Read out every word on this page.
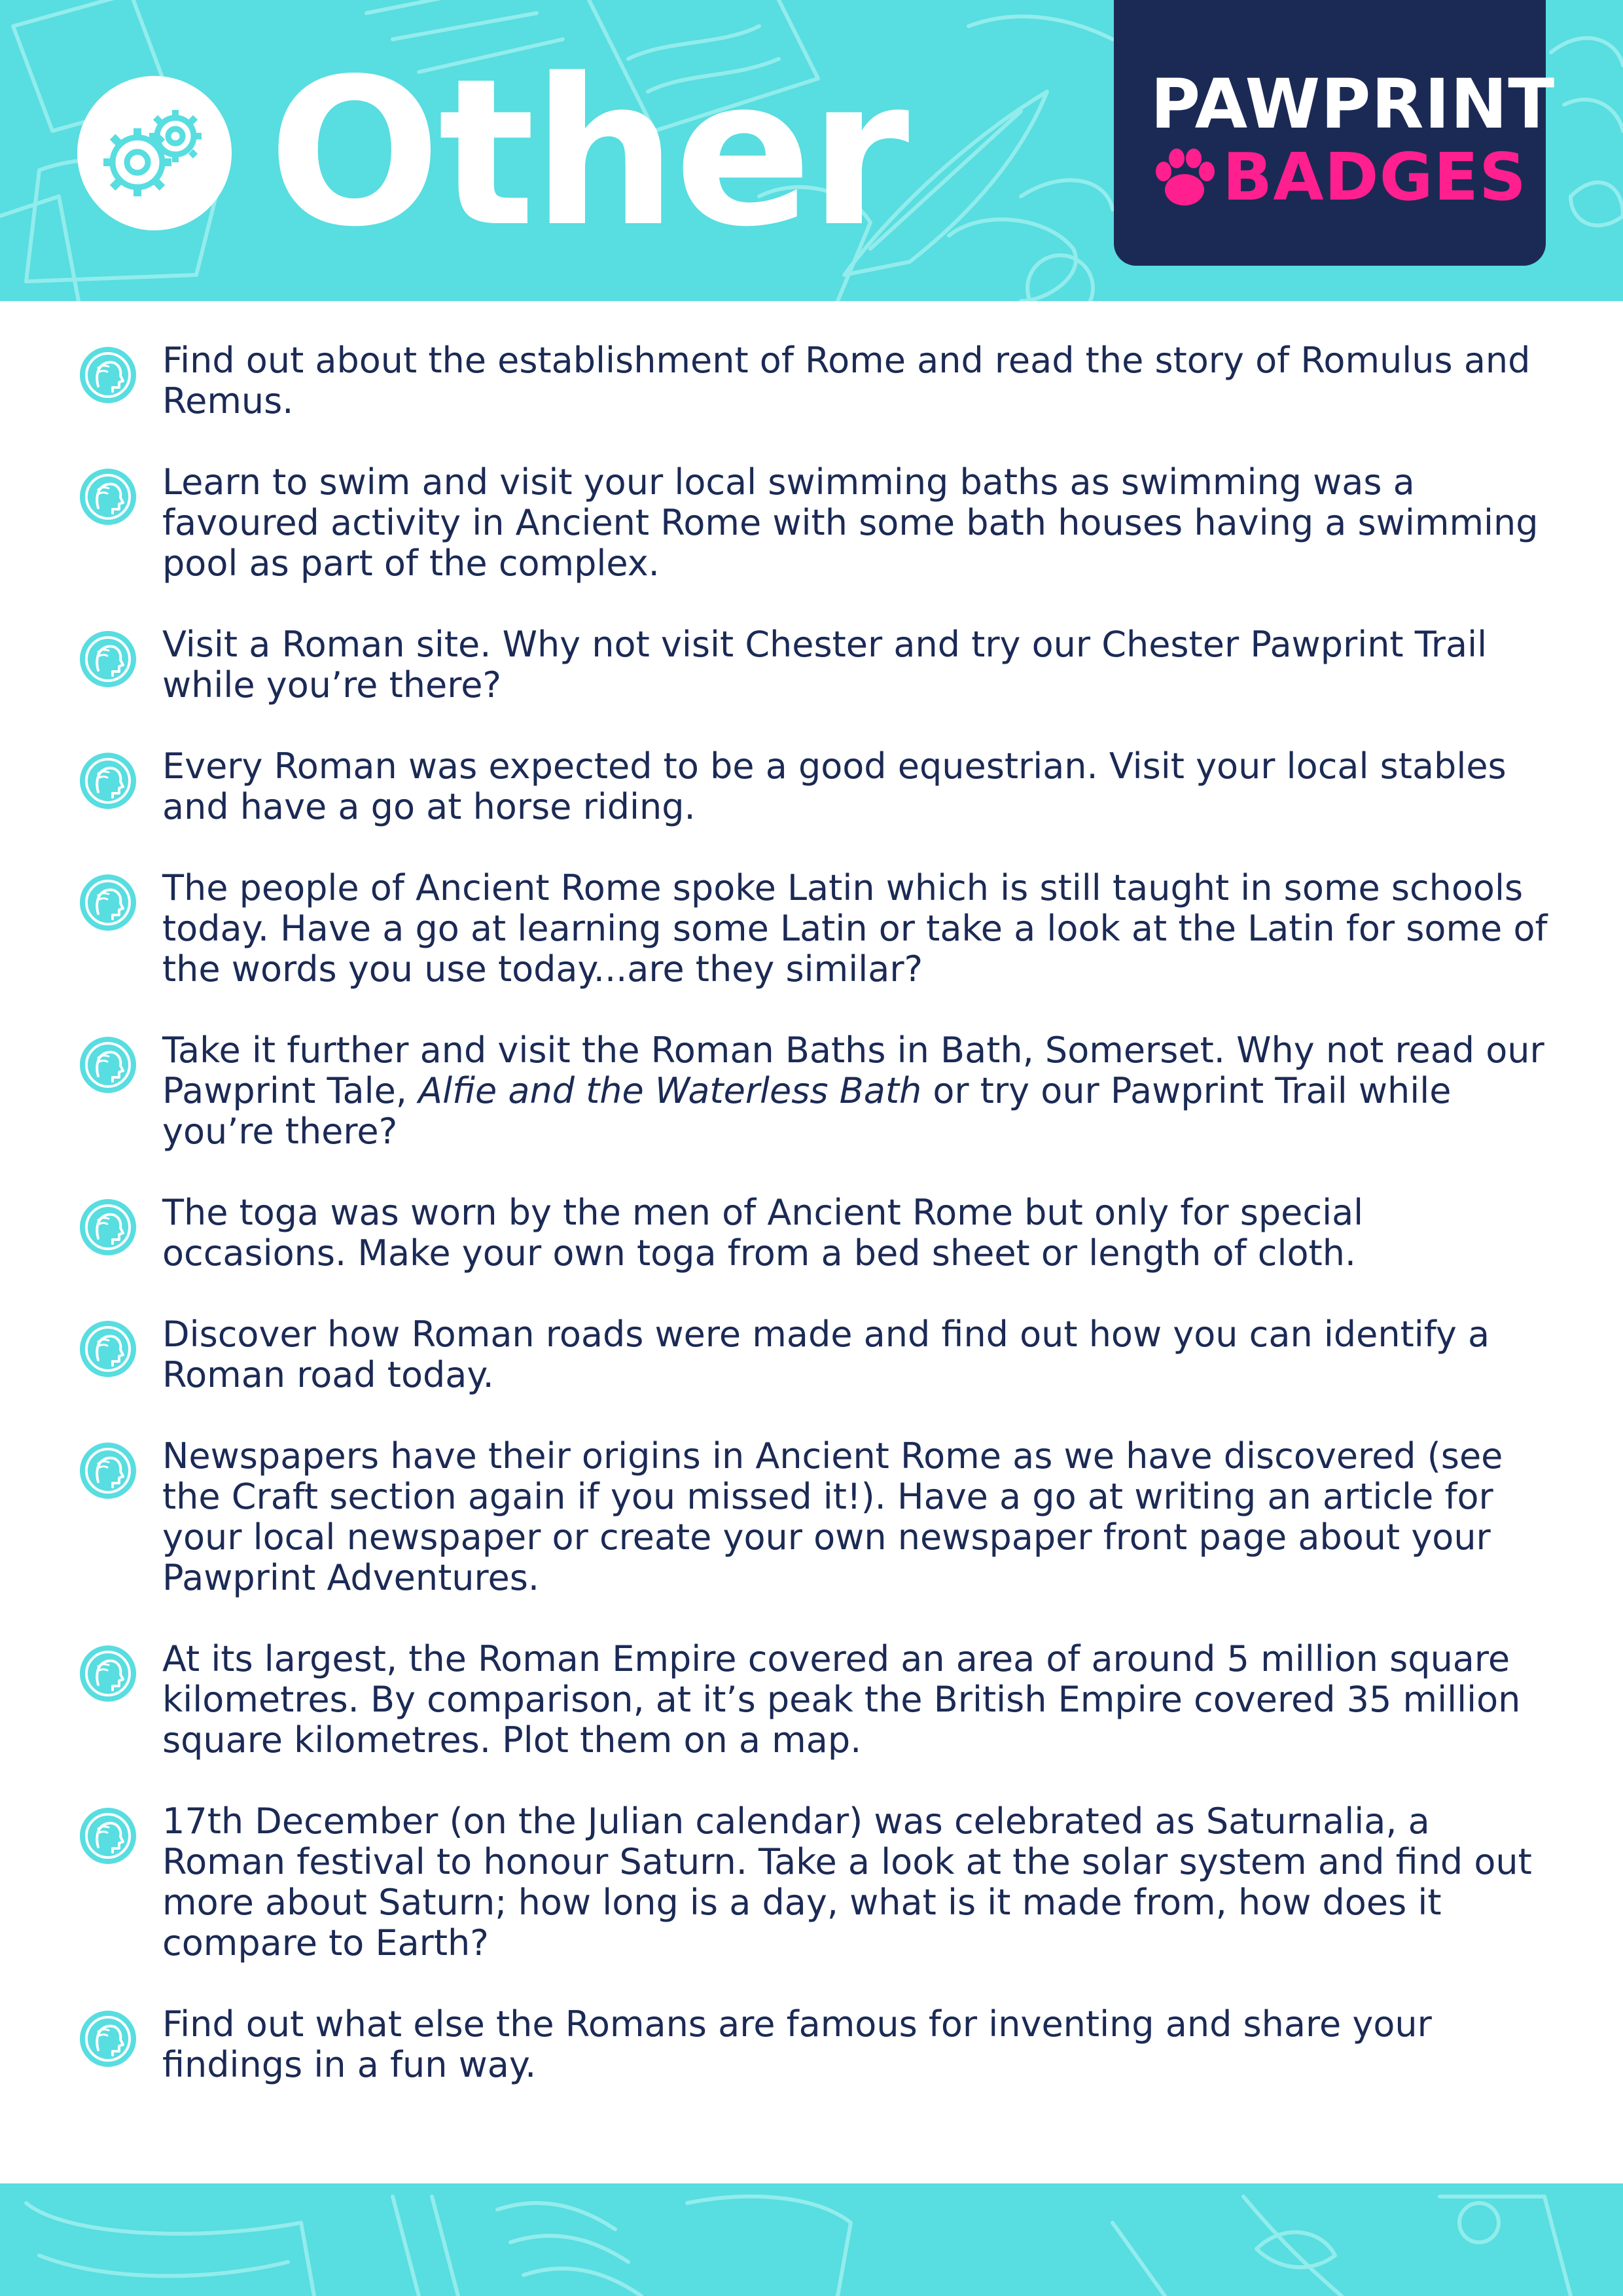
Other	PAWPRINT
BADGES
Find out about the establishment of Rome and read the story of Romulus and Remus.
Learn to swim and visit your local swimming baths as swimming was a favoured activity in Ancient Rome with some bath houses having a swimming pool as part of the complex.
Visit a Roman site. Why not visit Chester and try our Chester Pawprint Trail while you’re there?
Every Roman was expected to be a good equestrian. Visit your local stables and have a go at horse riding.
The people of Ancient Rome spoke Latin which is still taught in some schools today. Have a go at learning some Latin or take a look at the Latin for some of the words you use today...are they similar?
Take it further and visit the Roman Baths in Bath, Somerset. Why not read our Pawprint Tale, Alfie and the Waterless Bath or try our Pawprint Trail while you’re there?
The toga was worn by the men of Ancient Rome but only for special occasions. Make your own toga from a bed sheet or length of cloth.
Discover how Roman roads were made and find out how you can identify a Roman road today.
Newspapers have their origins in Ancient Rome as we have discovered (see the Craft section again if you missed it!). Have a go at writing an article for your local newspaper or create your own newspaper front page about your Pawprint Adventures.
At its largest, the Roman Empire covered an area of around 5 million square kilometres. By comparison, at it’s peak the British Empire covered 35 million square kilometres. Plot them on a map.
17th December (on the Julian calendar) was celebrated as Saturnalia, a Roman festival to honour Saturn. Take a look at the solar system and find out more about Saturn; how long is a day, what is it made from, how does it compare to Earth?
Find out what else the Romans are famous for inventing and share your findings in a fun way.
